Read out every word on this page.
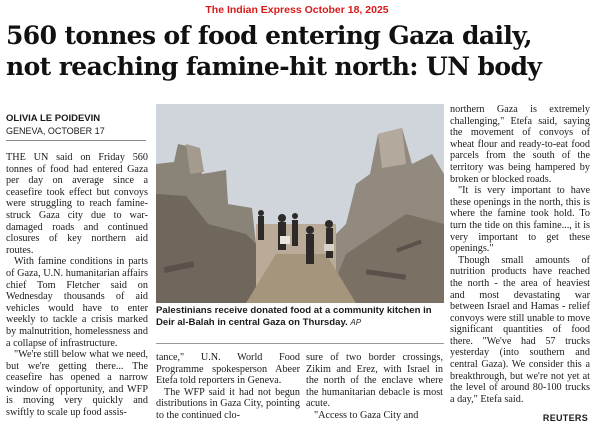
The Indian Express October 18, 2025
560 tonnes of food entering Gaza daily,
not reaching famine-hit north: UN body
OLIVIA LE POIDEVIN
GENEVA, OCTOBER 17

THE UN said on Friday 560 tonnes of food had entered Gaza per day on average since a ceasefire took effect but convoys were struggling to reach famine-struck Gaza city due to war-damaged roads and continued closures of key northern aid routes.

With famine conditions in parts of Gaza, U.N. humanitarian affairs chief Tom Fletcher said on Wednesday thousands of aid vehicles would have to enter weekly to tackle a crisis marked by malnutrition, homelessness and a collapse of infrastructure.

"We're still below what we need, but we're getting there... The ceasefire has opened a narrow window of opportunity, and WFP is moving very quickly and swiftly to scale up food assis-

Palestinians receive donated food at a community kitchen in Deir al-Balah in central Gaza on Thursday. AP

tance," U.N. World Food Programme spokesperson Abeer Etefa told reporters in Geneva.

The WFP said it had not begun distributions in Gaza City, pointing to the continued clo-

sure of two border crossings, Zikim and Erez, with Israel in the north of the enclave where the humanitarian debacle is most acute.

"Access to Gaza City and

northern Gaza is extremely challenging," Etefa said, saying the movement of convoys of wheat flour and ready-to-eat food parcels from the south of the territory was being hampered by broken or blocked roads.

"It is very important to have these openings in the north, this is where the famine took hold. To turn the tide on this famine..., it is very important to get these openings."

Though small amounts of nutrition products have reached the north - the area of heaviest and most devastating war between Israel and Hamas - relief convoys were still unable to move significant quantities of food there. "We've had 57 trucks yesterday (into southern and central Gaza). We consider this a breakthrough, but we're not yet at the level of around 80-100 trucks a day," Etefa said.

REUTERS
